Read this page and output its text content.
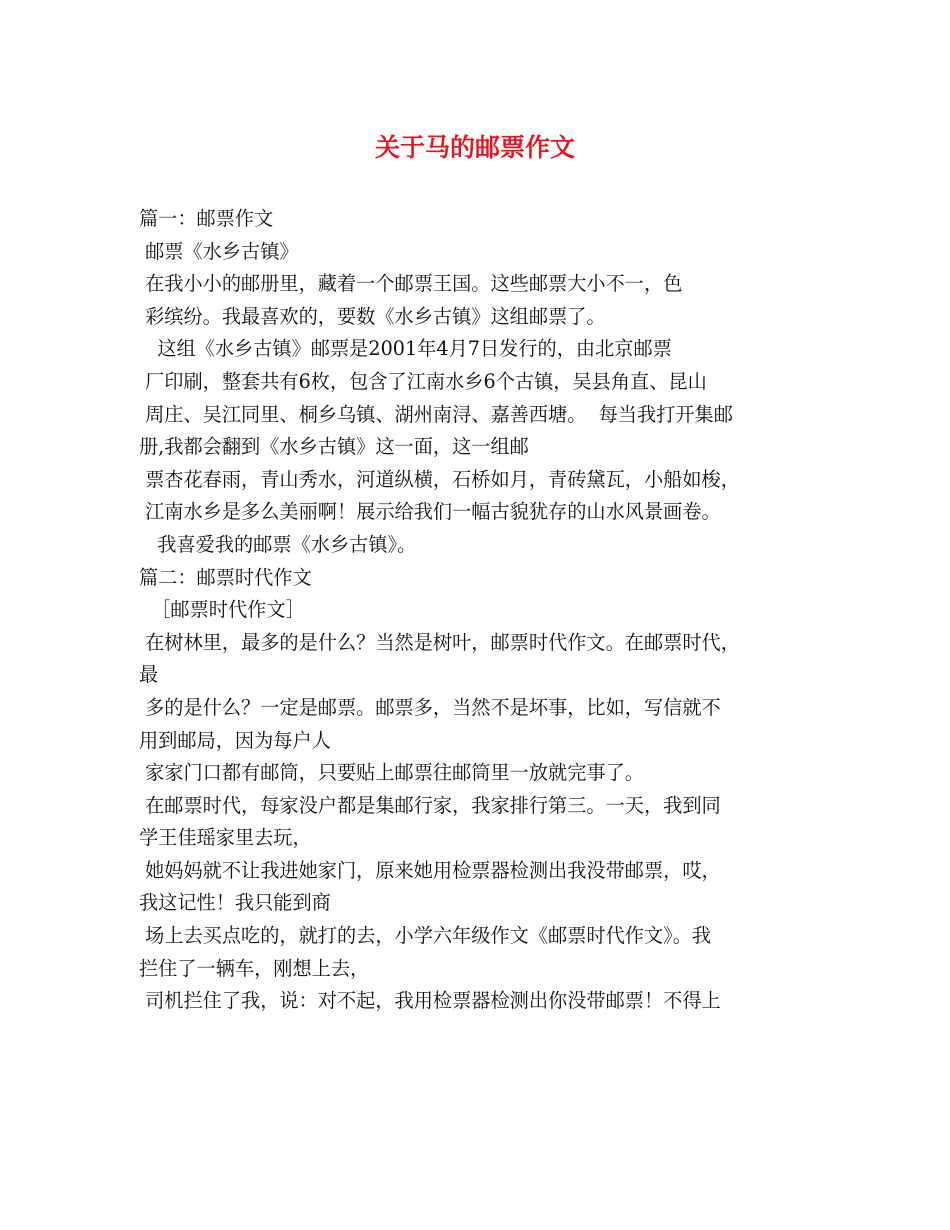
关于马的邮票作文
篇一：邮票作文
邮票《水乡古镇》
在我小小的邮册里，藏着一个邮票王国。这些邮票大小不一，色
彩缤纷。我最喜欢的，要数《水乡古镇》这组邮票了。
这组《水乡古镇》邮票是2001年4月7日发行的，由北京邮票
厂印刷，整套共有6枚，包含了江南水乡6个古镇，吴县角直、昆山
周庄、吴江同里、桐乡乌镇、湖州南浔、嘉善西塘。  每当我打开集邮
册,我都会翻到《水乡古镇》这一面，这一组邮
票杏花春雨，青山秀水，河道纵横，石桥如月，青砖黛瓦，小船如梭，
江南水乡是多么美丽啊！展示给我们一幅古貌犹存的山水风景画卷。
我喜爱我的邮票《水乡古镇》。
篇二：邮票时代作文
［邮票时代作文］
在树林里，最多的是什么？当然是树叶，邮票时代作文。在邮票时代，
最
多的是什么？一定是邮票。邮票多，当然不是坏事，比如，写信就不
用到邮局，因为每户人
家家门口都有邮筒，只要贴上邮票往邮筒里一放就完事了。
在邮票时代，每家没户都是集邮行家，我家排行第三。一天，我到同
学王佳瑶家里去玩，
她妈妈就不让我进她家门，原来她用检票器检测出我没带邮票，哎，
我这记性！我只能到商
场上去买点吃的，就打的去，小学六年级作文《邮票时代作文》。我
拦住了一辆车，刚想上去，
司机拦住了我，说：对不起，我用检票器检测出你没带邮票！不得上
